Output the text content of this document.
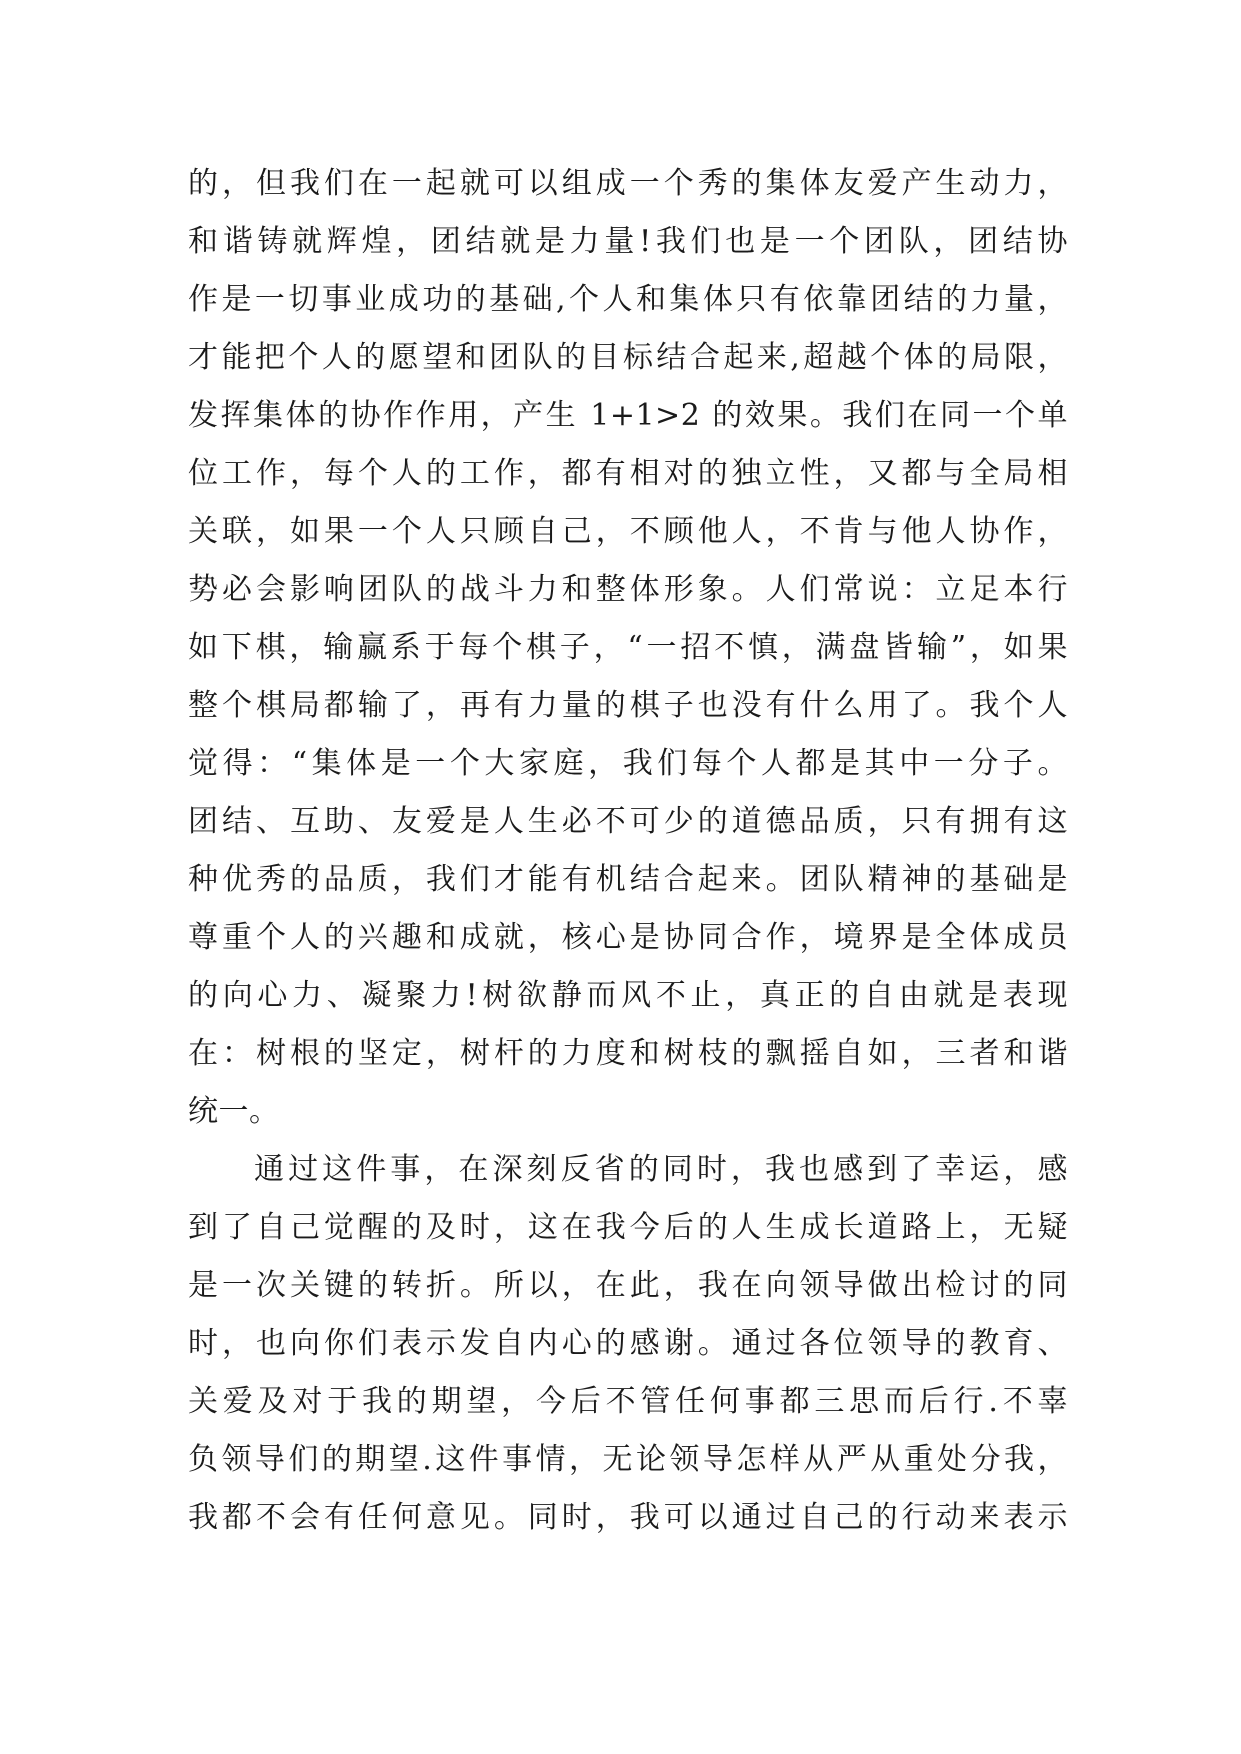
的，但我们在一起就可以组成一个秀的集体友爱产生动力，
和谐铸就辉煌，团结就是力量!我们也是一个团队，团结协
作是一切事业成功的基础,个人和集体只有依靠团结的力量，
才能把个人的愿望和团队的目标结合起来,超越个体的局限，
发挥集体的协作作用，产生 1+1>2 的效果。我们在同一个单
位工作，每个人的工作，都有相对的独立性，又都与全局相
关联，如果一个人只顾自己，不顾他人，不肯与他人协作，
势必会影响团队的战斗力和整体形象。人们常说：立足本行
如下棋，输赢系于每个棋子，“一招不慎，满盘皆输”，如果
整个棋局都输了，再有力量的棋子也没有什么用了。我个人
觉得：“集体是一个大家庭，我们每个人都是其中一分子。
团结、互助、友爱是人生必不可少的道德品质，只有拥有这
种优秀的品质，我们才能有机结合起来。团队精神的基础是
尊重个人的兴趣和成就，核心是协同合作，境界是全体成员
的向心力、凝聚力!树欲静而风不止，真正的自由就是表现
在：树根的坚定，树杆的力度和树枝的飘摇自如，三者和谐
统一。
通过这件事，在深刻反省的同时，我也感到了幸运，感
到了自己觉醒的及时，这在我今后的人生成长道路上，无疑
是一次关键的转折。所以，在此，我在向领导做出检讨的同
时，也向你们表示发自内心的感谢。通过各位领导的教育、
关爱及对于我的期望，今后不管任何事都三思而后行.不辜
负领导们的期望.这件事情，无论领导怎样从严从重处分我，
我都不会有任何意见。同时，我可以通过自己的行动来表示
